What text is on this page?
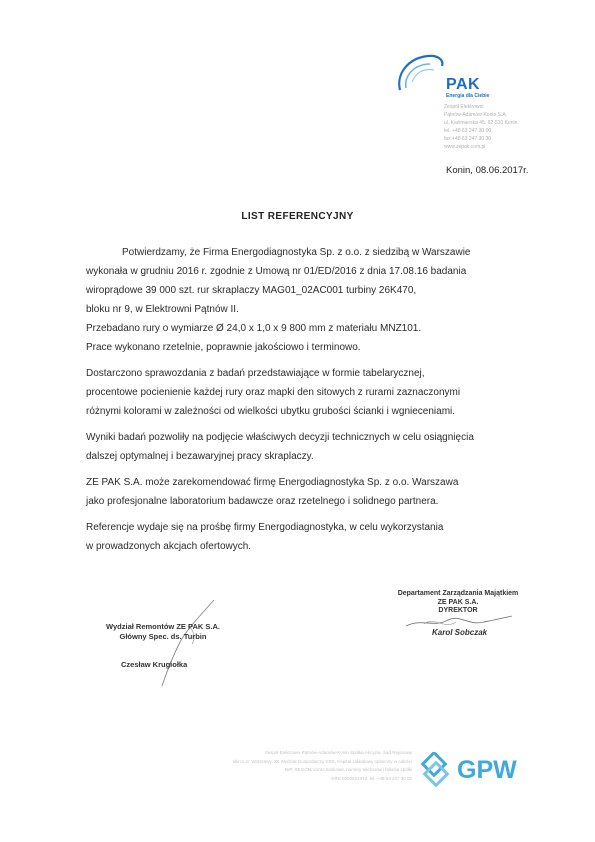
PAK
Energia dla Ciebie
Zespół Elektrowni
Pątnów-Adamów-Konin S.A.
ul. Kazimierska 45, 62-510 Konin
tel. +48 63 247 30 00
fax +48 63 247 30 30
www.zepak.com.pl
Konin, 08.06.2017r.
LIST REFERENCYJNY
Potwierdzamy, że Firma Energodiagnostyka Sp. z o.o. z siedzibą w Warszawie
wykonała w grudniu 2016 r. zgodnie z Umową nr 01/ED/2016 z dnia 17.08.16 badania
wiroprądowe 39 000 szt. rur skraplaczy MAG01_02AC001 turbiny 26K470,
bloku nr 9, w Elektrowni Pątnów II.
Przebadano rury o wymiarze Ø 24,0 x 1,0 x 9 800 mm z materiału MNZ101.
Prace wykonano rzetelnie, poprawnie jakościowo i terminowo.
Dostarczono sprawozdania z badań przedstawiające w formie tabelarycznej,
procentowe pocienienie każdej rury oraz mapki den sitowych z rurami zaznaczonymi
różnymi kolorami w zależności od wielkości ubytku grubości ścianki i wgnieceniami.
Wyniki badań pozwoliły na podjęcie właściwych decyzji technicznych w celu osiągnięcia
dalszej optymalnej i bezawaryjnej pracy skraplaczy.
ZE PAK S.A. może zarekomendować firmę Energodiagnostyka Sp. z o.o. Warszawa
jako profesjonalne laboratorium badawcze oraz rzetelnego i solidnego partnera.
Referencje wydaje się na prośbę firmy Energodiagnostyka, w celu wykorzystania
w prowadzonych akcjach ofertowych.
Departament Zarządzania Majątkiem
ZE PAK S.A.
DYREKTOR
Karol Sobczak
Wydział Remontów ZE PAK S.A.
Główny Spec. ds. Turbin
Czesław Krugiołka
Zespół Elektrowni Pątnów-Adamów-Konin Spółka Akcyjna, Sąd Rejonowy
dla m.st. Warszawy, XII Wydział Gospodarczy KRS, Kapitał zakładowy opłacony w całości
NIP, REGON, konto bankowe, numery telefonów i faksów spółki
KRS 0000021374, tel. +48 63 247 30 00 GPW
